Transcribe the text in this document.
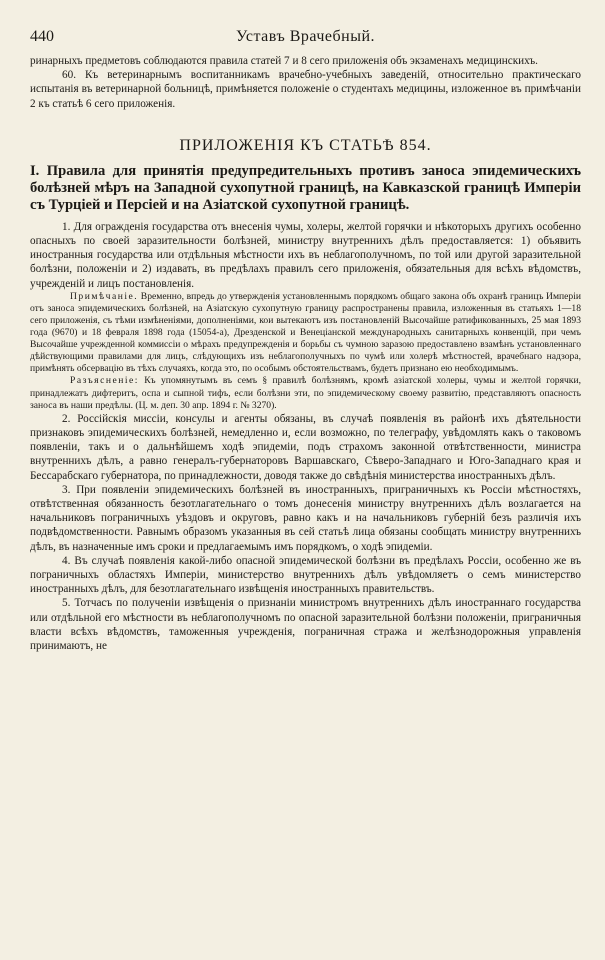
440	Уставъ Врачебный.

ринарныхъ предметовъ соблюдаются правила статей 7 и 8 сего приложенія объ экзаменахъ медицинскихъ.

60. Къ ветеринарнымъ воспитанникамъ врачебно-учебныхъ заведеній, относительно практическаго испытанія въ ветеринарной больницѣ, примѣняется положеніе о студентахъ медицины, изложенное въ примѣчаніи 2 къ статьѣ 6 сего приложенія.

ПРИЛОЖЕНІЯ КЪ СТАТЬѢ 854.
I. Правила для принятія предупредительныхъ противъ заноса эпидемическихъ болѣзней мѣръ на Западной сухопутной границѣ, на Кавказской границѣ Имперіи съ Турціей и Персіей и на Азіатской сухопутной границѣ.

1. Для огражденія государства отъ внесенія чумы, холеры, желтой горячки и нѣкоторыхъ другихъ особенно опасныхъ по своей заразительности болѣзней, министру внутреннихъ дѣлъ предоставляется: 1) объявить иностранныя государства или отдѣльныя мѣстности ихъ въ неблагополучномъ, по той или другой заразительной болѣзни, положеніи и 2) издавать, въ предѣлахъ правилъ сего приложенія, обязательныя для всѣхъ вѣдомствъ, учрежденій и лицъ постановленія.

Примѣчаніе. Временно, впредь до утвержденія установленнымъ порядкомъ общаго закона объ охранѣ границъ Имперіи отъ заноса эпидемическихъ болѣзней, на Азіатскую сухопутную границу распространены правила, изложенныя въ статьяхъ 1—18 сего приложенія, съ тѣми измѣненіями, дополненіями, кои вытекаютъ изъ постановленій Высочайше ратификованныхъ, 25 мая 1893 года (9670) и 18 февраля 1898 года (15054-а), Дрезденской и Венеціанской международныхъ санитарныхъ конвенцій, при чемъ Высочайше учрежденной коммиссіи о мѣрахъ предупрежденія и борьбы съ чумною заразою предоставлено взамѣнъ установленнаго дѣйствующими правилами для лицъ, слѣдующихъ изъ неблагополучныхъ по чумѣ или холерѣ мѣстностей, врачебнаго надзора, примѣнять обсервацію въ тѣхъ случаяхъ, когда это, по особымъ обстоятельствамъ, будетъ признано ею необходимымъ.

Разъясненіе: Къ упомянутымъ въ семъ § правилѣ болѣзнямъ, кромѣ азіатской холеры, чумы и желтой горячки, принадлежатъ дифтеритъ, оспа и сыпной тифъ, если болѣзни эти, по эпидемическому своему развитію, представляютъ опасность заноса въ наши предѣлы. (Ц. м. деп. 30 апр. 1894 г. № 3270).

2. Россійскія миссіи, консулы и агенты обязаны, въ случаѣ появленія въ районѣ ихъ дѣятельности признаковъ эпидемическихъ болѣзней, немедленно и, если возможно, по телеграфу, увѣдомлять какъ о таковомъ появленіи, такъ и о дальнѣйшемъ ходѣ эпидеміи, подъ страхомъ законной отвѣтственности, министра внутреннихъ дѣлъ, а равно генералъ-губернаторовъ Варшавскаго, Сѣверо-Западнаго и Юго-Западнаго края и Бессарабскаго губернатора, по принадлежности, доводя также до свѣдѣнія министерства иностранныхъ дѣлъ.

3. При появленіи эпидемическихъ болѣзней въ иностранныхъ, приграничныхъ къ Россіи мѣстностяхъ, отвѣтственная обязанность безотлагательнаго о томъ донесенія министру внутреннихъ дѣлъ возлагается на начальниковъ пограничныхъ уѣздовъ и округовъ, равно какъ и на начальниковъ губерній безъ различія ихъ подвѣдомственности. Равнымъ образомъ указанныя въ сей статьѣ лица обязаны сообщать министру внутреннихъ дѣлъ, въ назначенные имъ сроки и предлагаемымъ имъ порядкомъ, о ходѣ эпидеміи.

4. Въ случаѣ появленія какой-либо опасной эпидемической болѣзни въ предѣлахъ Россіи, особенно же въ пограничныхъ областяхъ Имперіи, министерство внутреннихъ дѣлъ увѣдомляетъ о семъ министерство иностранныхъ дѣлъ, для безотлагательнаго извѣщенія иностранныхъ правительствъ.

5. Тотчасъ по полученіи извѣщенія о признаніи министромъ внутреннихъ дѣлъ иностраннаго государства или отдѣльной его мѣстности въ неблагополучномъ по опасной заразительной болѣзни положеніи, приграничныя власти всѣхъ вѣдомствъ, таможенныя учрежденія, пограничная стража и желѣзнодорожныя управленія принимаютъ, не
